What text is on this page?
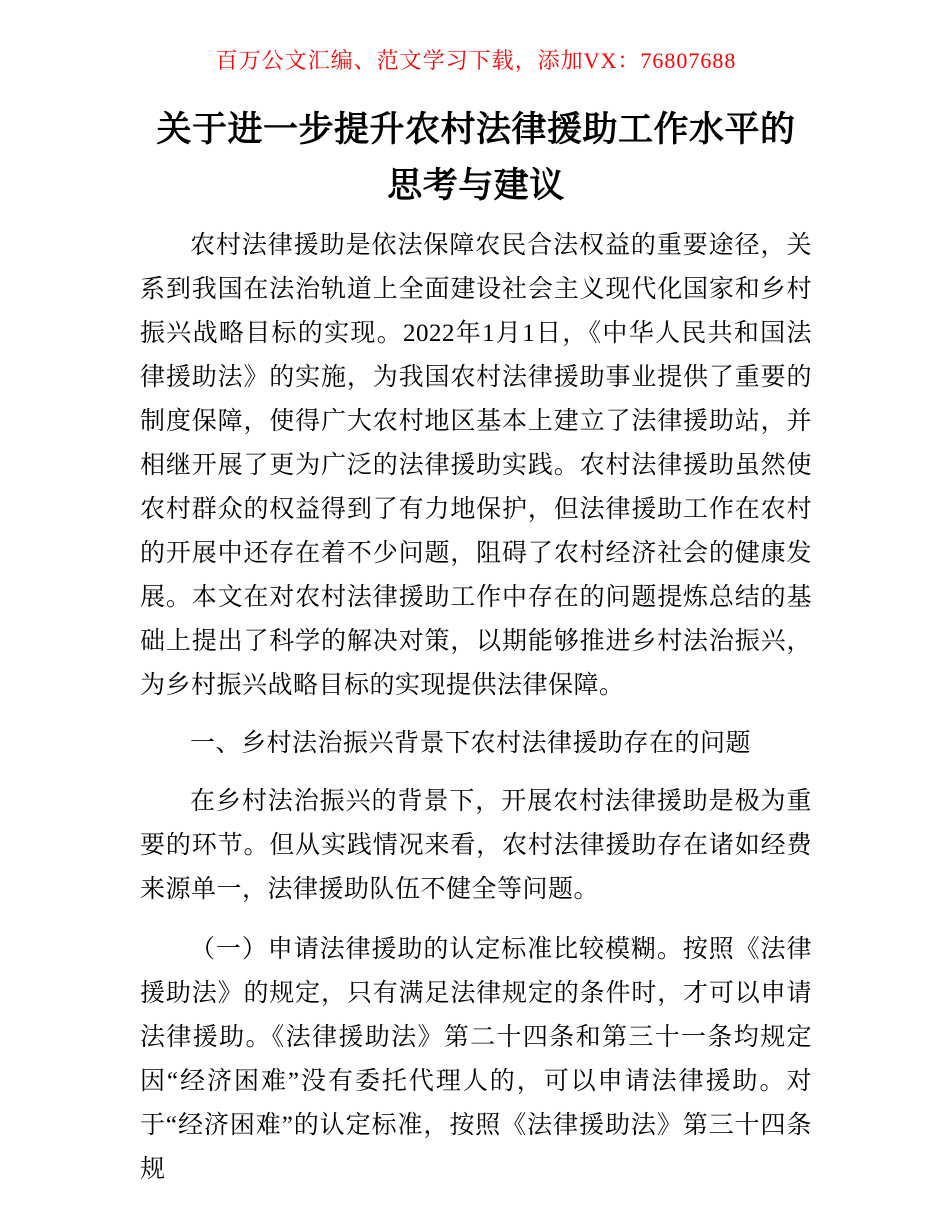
百万公文汇编、范文学习下载，添加VX：76807688
关于进一步提升农村法律援助工作水平的思考与建议

农村法律援助是依法保障农民合法权益的重要途径，关系到我国在法治轨道上全面建设社会主义现代化国家和乡村振兴战略目标的实现。2022年1月1日，《中华人民共和国法律援助法》的实施，为我国农村法律援助事业提供了重要的制度保障，使得广大农村地区基本上建立了法律援助站，并相继开展了更为广泛的法律援助实践。农村法律援助虽然使农村群众的权益得到了有力地保护，但法律援助工作在农村的开展中还存在着不少问题，阻碍了农村经济社会的健康发展。本文在对农村法律援助工作中存在的问题提炼总结的基础上提出了科学的解决对策，以期能够推进乡村法治振兴，为乡村振兴战略目标的实现提供法律保障。

一、乡村法治振兴背景下农村法律援助存在的问题

在乡村法治振兴的背景下，开展农村法律援助是极为重要的环节。但从实践情况来看，农村法律援助存在诸如经费来源单一，法律援助队伍不健全等问题。

（一）申请法律援助的认定标准比较模糊。按照《法律援助法》的规定，只有满足法律规定的条件时，才可以申请法律援助。《法律援助法》第二十四条和第三十一条均规定因“经济困难”没有委托代理人的，可以申请法律援助。对于“经济困难”的认定标准，按照《法律援助法》第三十四条规
